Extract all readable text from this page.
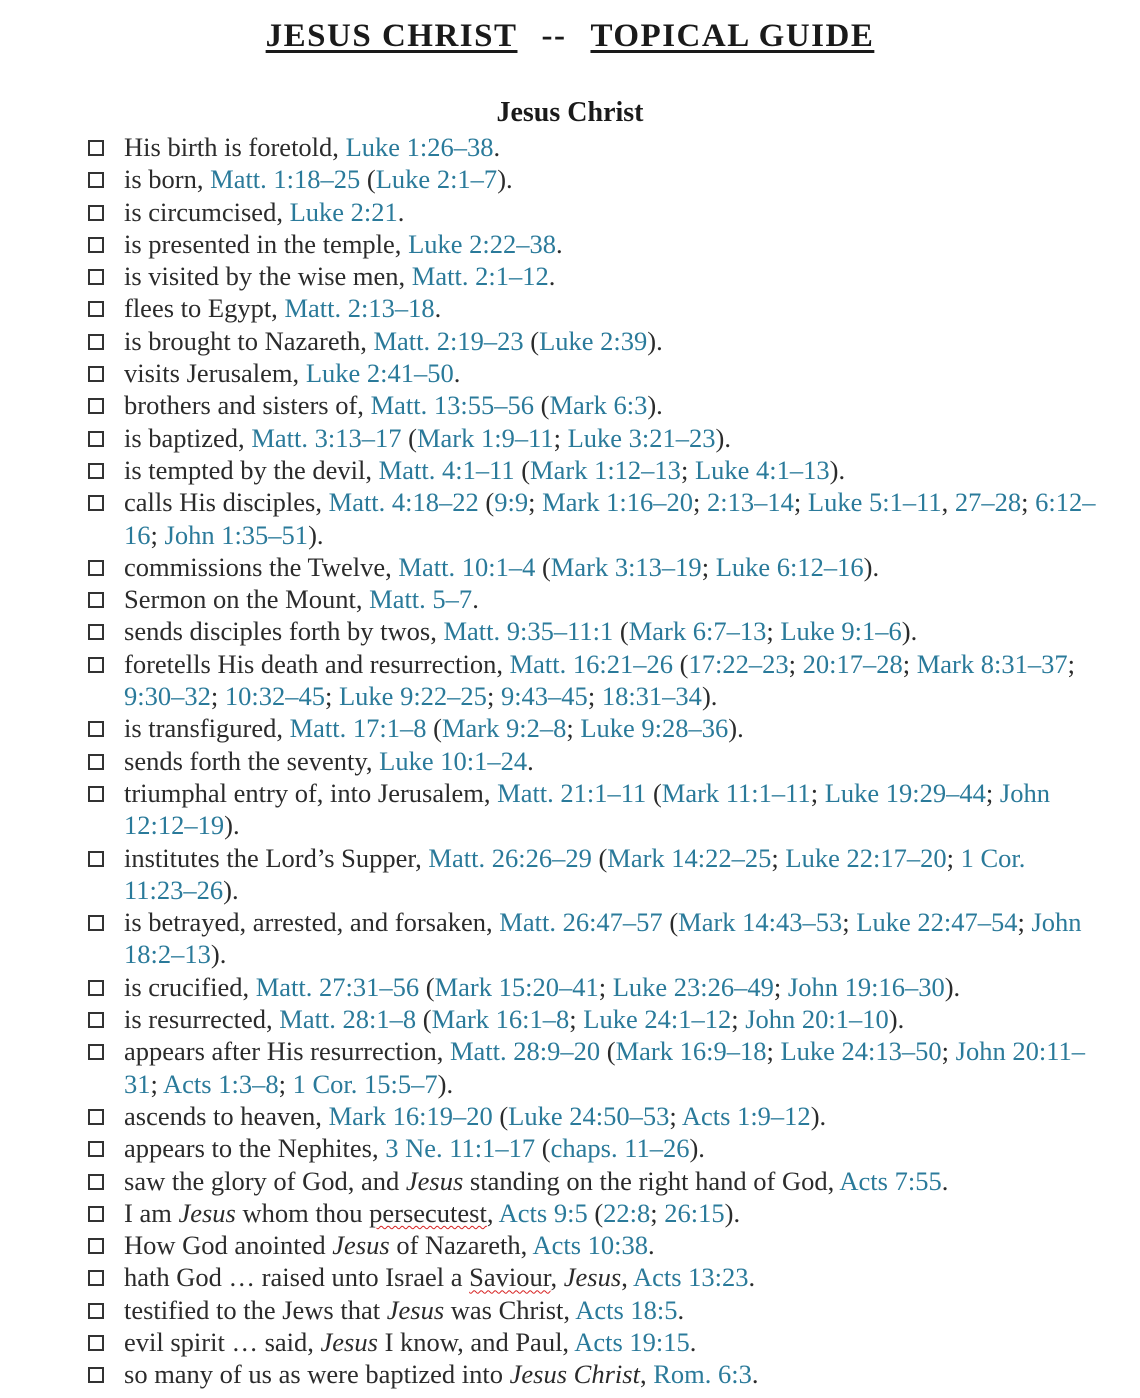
JESUS CHRIST -- TOPICAL GUIDE
Jesus Christ
His birth is foretold, Luke 1:26–38.
is born, Matt. 1:18–25 (Luke 2:1–7).
is circumcised, Luke 2:21.
is presented in the temple, Luke 2:22–38.
is visited by the wise men, Matt. 2:1–12.
flees to Egypt, Matt. 2:13–18.
is brought to Nazareth, Matt. 2:19–23 (Luke 2:39).
visits Jerusalem, Luke 2:41–50.
brothers and sisters of, Matt. 13:55–56 (Mark 6:3).
is baptized, Matt. 3:13–17 (Mark 1:9–11; Luke 3:21–23).
is tempted by the devil, Matt. 4:1–11 (Mark 1:12–13; Luke 4:1–13).
calls His disciples, Matt. 4:18–22 (9:9; Mark 1:16–20; 2:13–14; Luke 5:1–11, 27–28; 6:12–16; John 1:35–51).
commissions the Twelve, Matt. 10:1–4 (Mark 3:13–19; Luke 6:12–16).
Sermon on the Mount, Matt. 5–7.
sends disciples forth by twos, Matt. 9:35–11:1 (Mark 6:7–13; Luke 9:1–6).
foretells His death and resurrection, Matt. 16:21–26 (17:22–23; 20:17–28; Mark 8:31–37; 9:30–32; 10:32–45; Luke 9:22–25; 9:43–45; 18:31–34).
is transfigured, Matt. 17:1–8 (Mark 9:2–8; Luke 9:28–36).
sends forth the seventy, Luke 10:1–24.
triumphal entry of, into Jerusalem, Matt. 21:1–11 (Mark 11:1–11; Luke 19:29–44; John 12:12–19).
institutes the Lord’s Supper, Matt. 26:26–29 (Mark 14:22–25; Luke 22:17–20; 1 Cor. 11:23–26).
is betrayed, arrested, and forsaken, Matt. 26:47–57 (Mark 14:43–53; Luke 22:47–54; John 18:2–13).
is crucified, Matt. 27:31–56 (Mark 15:20–41; Luke 23:26–49; John 19:16–30).
is resurrected, Matt. 28:1–8 (Mark 16:1–8; Luke 24:1–12; John 20:1–10).
appears after His resurrection, Matt. 28:9–20 (Mark 16:9–18; Luke 24:13–50; John 20:11–31; Acts 1:3–8; 1 Cor. 15:5–7).
ascends to heaven, Mark 16:19–20 (Luke 24:50–53; Acts 1:9–12).
appears to the Nephites, 3 Ne. 11:1–17 (chaps. 11–26).
saw the glory of God, and Jesus standing on the right hand of God, Acts 7:55.
I am Jesus whom thou persecutest, Acts 9:5 (22:8; 26:15).
How God anointed Jesus of Nazareth, Acts 10:38.
hath God … raised unto Israel a Saviour, Jesus, Acts 13:23.
testified to the Jews that Jesus was Christ, Acts 18:5.
evil spirit … said, Jesus I know, and Paul, Acts 19:15.
so many of us as were baptized into Jesus Christ, Rom. 6:3.
